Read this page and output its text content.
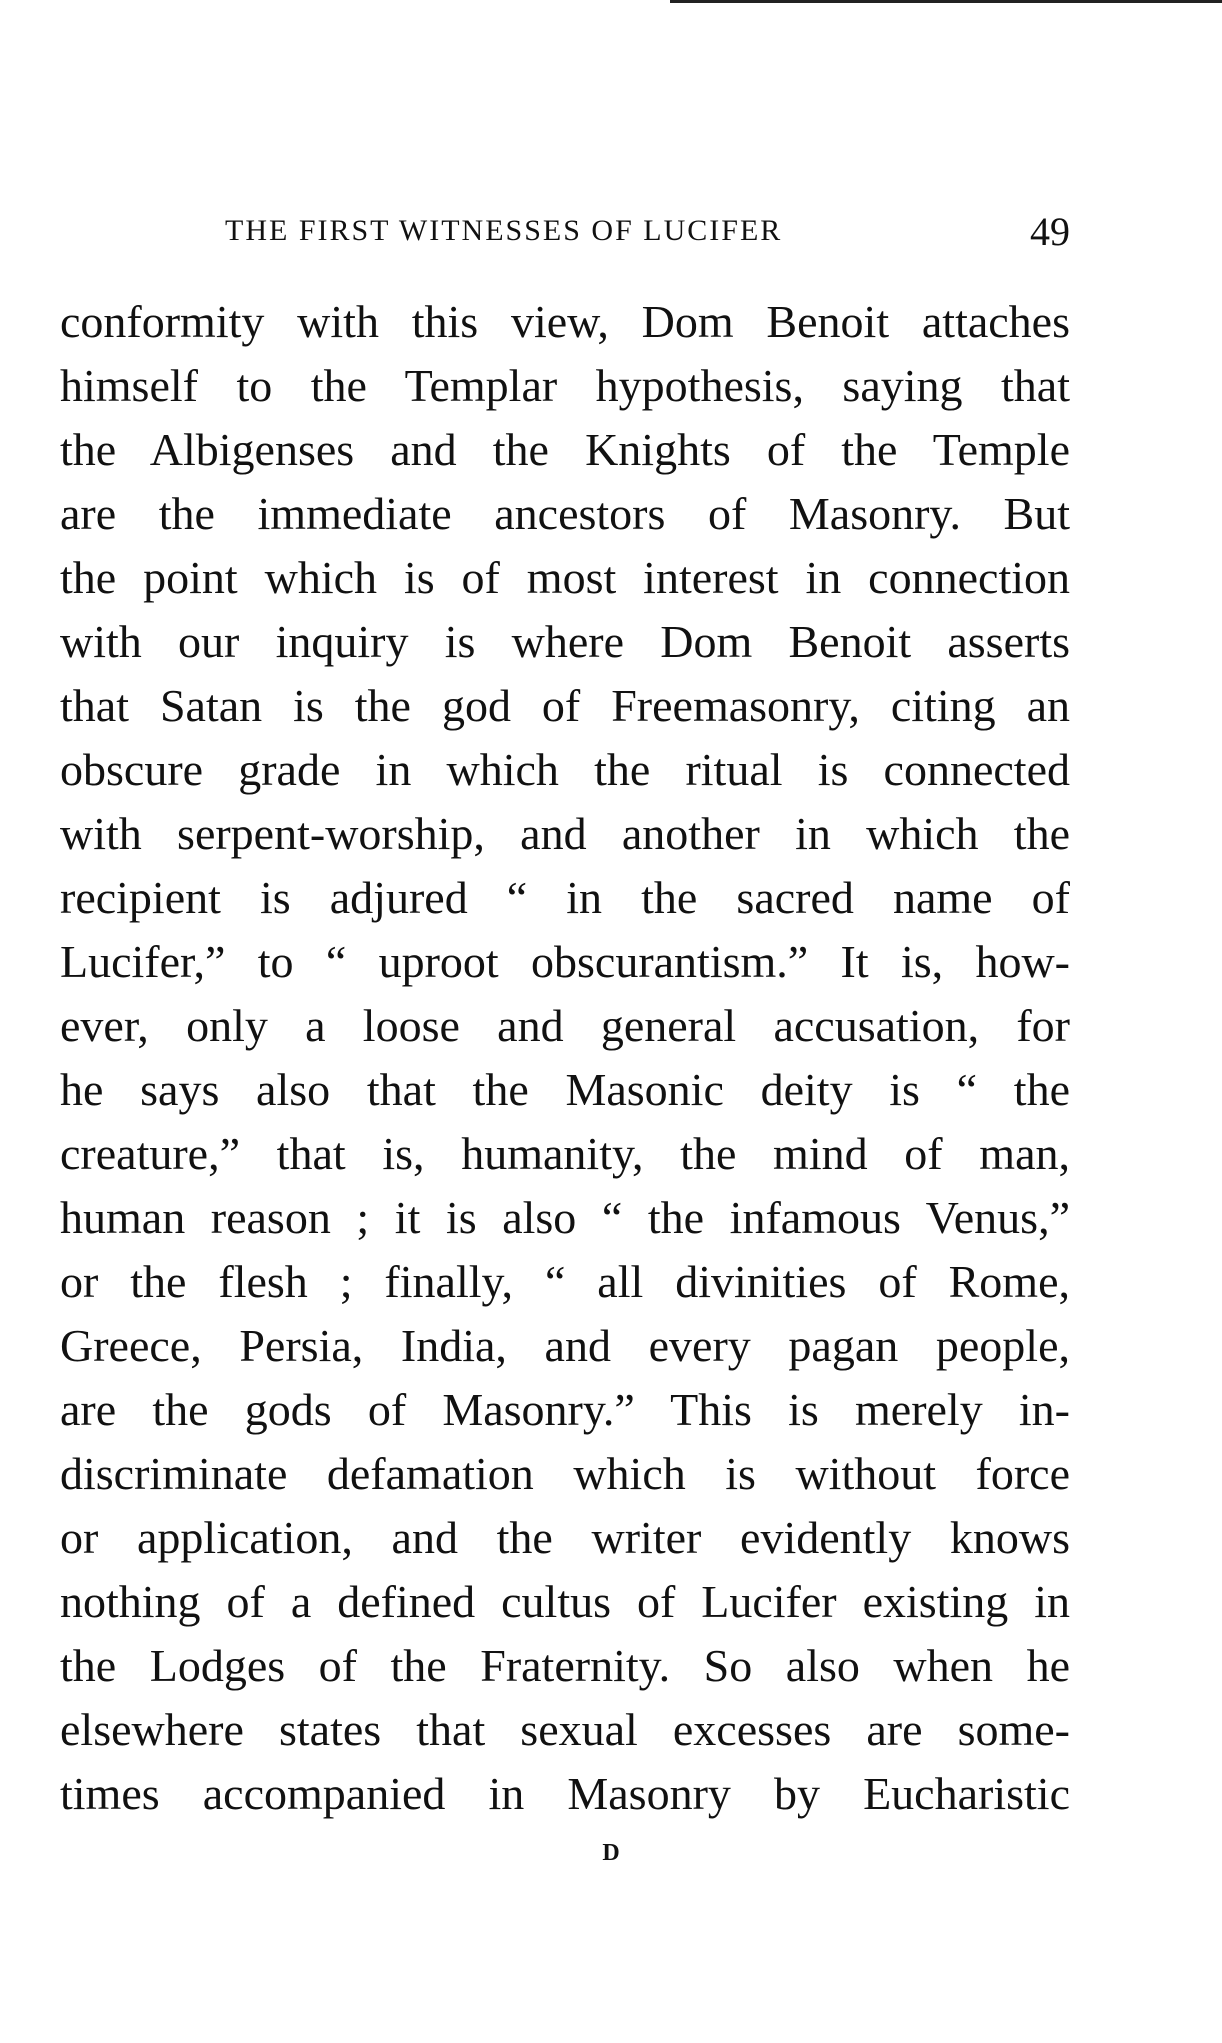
THE FIRST WITNESSES OF LUCIFER	49
conformity with this view, Dom Benoit attaches
himself to the Templar hypothesis, saying that
the Albigenses and the Knights of the Temple
are the immediate ancestors of Masonry. But
the point which is of most interest in connection
with our inquiry is where Dom Benoit asserts
that Satan is the god of Freemasonry, citing an
obscure grade in which the ritual is connected
with serpent-worship, and another in which the
recipient is adjured “ in the sacred name of
Lucifer,” to “ uproot obscurantism.” It is, how-
ever, only a loose and general accusation, for
he says also that the Masonic deity is “ the
creature,” that is, humanity, the mind of man,
human reason ; it is also “ the infamous Venus,”
or the flesh ; finally, “ all divinities of Rome,
Greece, Persia, India, and every pagan people,
are the gods of Masonry.” This is merely in-
discriminate defamation which is without force
or application, and the writer evidently knows
nothing of a defined cultus of Lucifer existing in
the Lodges of the Fraternity. So also when he
elsewhere states that sexual excesses are some-
times accompanied in Masonry by Eucharistic
D
